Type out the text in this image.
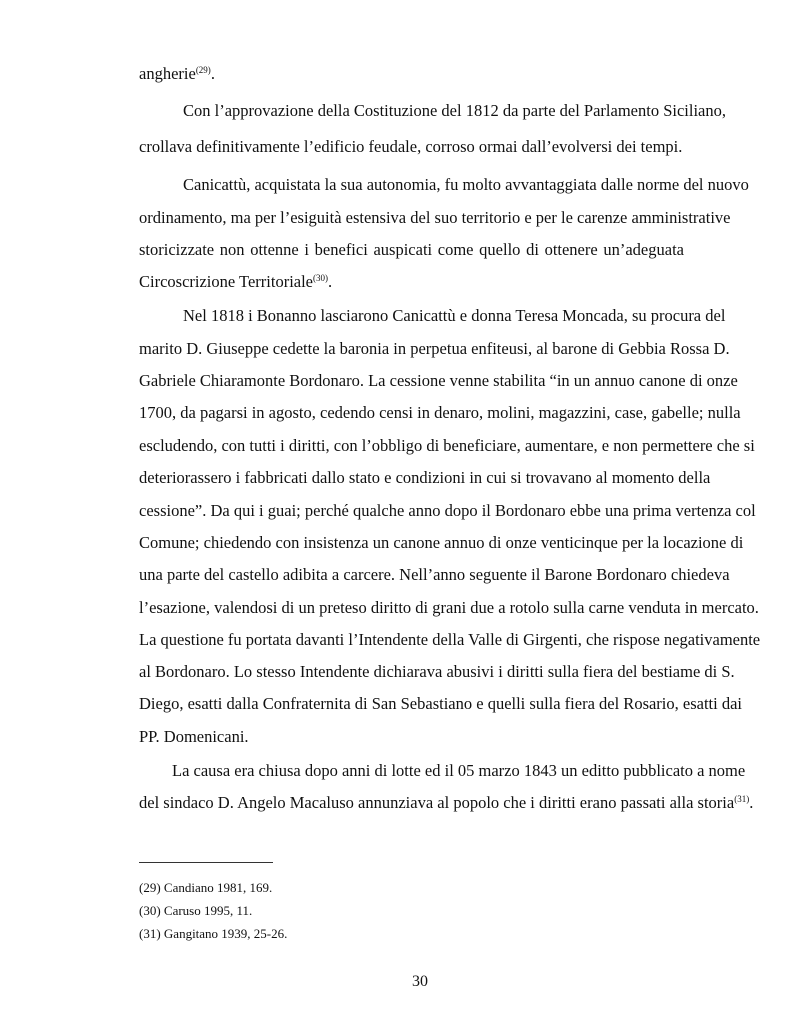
angherie$^{(29)}$.
Con l’approvazione della Costituzione del 1812 da parte del Parlamento Siciliano,
crollava definitivamente l’edificio feudale, corroso ormai dall’evolversi dei tempi.
Canicattù, acquistata la sua autonomia, fu molto avvantaggiata dalle norme del nuovo
ordinamento, ma per l’esiguità estensiva del suo territorio e per le carenze amministrative
storicizzate non ottenne i benefici auspicati come quello di ottenere un’adeguata
Circoscrizione Territoriale$^{(30)}$.
Nel 1818 i Bonanno lasciarono Canicattù e donna Teresa Moncada, su procura del
marito D. Giuseppe cedette la baronia in perpetua enfiteusi, al barone di Gebbia Rossa D.
Gabriele Chiaramonte Bordonaro. La cessione venne stabilita “in un annuo canone di onze
1700, da pagarsi in agosto, cedendo censi in denaro, molini, magazzini, case, gabelle; nulla
escludendo, con tutti i diritti, con l’obbligo di beneficiare, aumentare, e non permettere che si
deteriorassero i fabbricati dallo stato e condizioni in cui si trovavano al momento della
cessione”. Da qui i guai; perché qualche anno dopo il Bordonaro ebbe una prima vertenza col
Comune; chiedendo con insistenza un canone annuo di onze venticinque per la locazione di
una parte del castello adibita a carcere. Nell’anno seguente il Barone Bordonaro chiedeva
l’esazione, valendosi di un preteso diritto di grani due a rotolo sulla carne venduta in mercato.
La questione fu portata davanti l’Intendente della Valle di Girgenti, che rispose negativamente
al Bordonaro. Lo stesso Intendente dichiarava abusivi i diritti sulla fiera del bestiame di S.
Diego, esatti dalla Confraternita di San Sebastiano e quelli sulla fiera del Rosario, esatti dai
PP. Domenicani.
La causa era chiusa dopo anni di lotte ed il 05 marzo 1843 un editto pubblicato a nome
del sindaco D. Angelo Macaluso annunziava al popolo che i diritti erano passati alla storia$^{(31)}$.
(29) Candiano 1981, 169.
(30) Caruso 1995, 11.
(31) Gangitano 1939, 25-26.
30
